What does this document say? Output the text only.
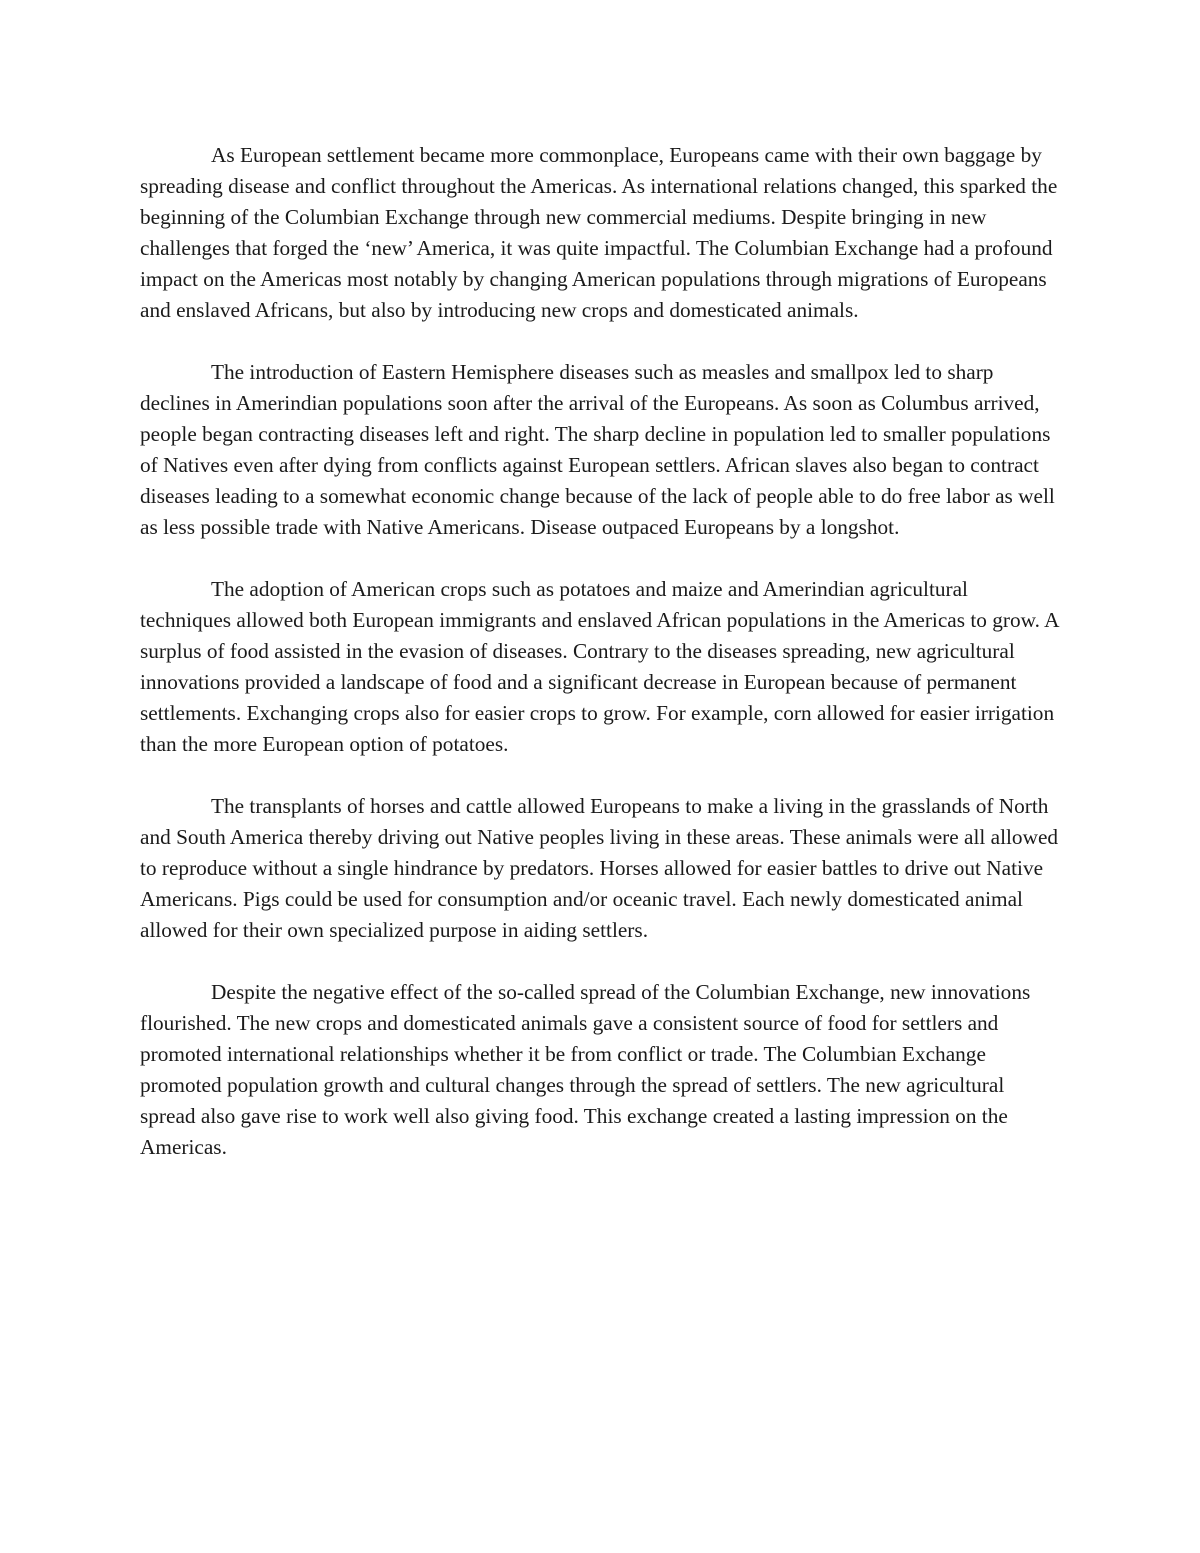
As European settlement became more commonplace, Europeans came with their own baggage by spreading disease and conflict throughout the Americas. As international relations changed, this sparked the beginning of the Columbian Exchange through new commercial mediums. Despite bringing in new challenges that forged the ‘new’ America, it was quite impactful. The Columbian Exchange had a profound impact on the Americas most notably by changing American populations through migrations of Europeans and enslaved Africans, but also by introducing new crops and domesticated animals.

The introduction of Eastern Hemisphere diseases such as measles and smallpox led to sharp declines in Amerindian populations soon after the arrival of the Europeans. As soon as Columbus arrived, people began contracting diseases left and right. The sharp decline in population led to smaller populations of Natives even after dying from conflicts against European settlers. African slaves also began to contract diseases leading to a somewhat economic change because of the lack of people able to do free labor as well as less possible trade with Native Americans. Disease outpaced Europeans by a longshot.

The adoption of American crops such as potatoes and maize and Amerindian agricultural techniques allowed both European immigrants and enslaved African populations in the Americas to grow. A surplus of food assisted in the evasion of diseases. Contrary to the diseases spreading, new agricultural innovations provided a landscape of food and a significant decrease in European because of permanent settlements. Exchanging crops also for easier crops to grow. For example, corn allowed for easier irrigation than the more European option of potatoes.

The transplants of horses and cattle allowed Europeans to make a living in the grasslands of North and South America thereby driving out Native peoples living in these areas. These animals were all allowed to reproduce without a single hindrance by predators. Horses allowed for easier battles to drive out Native Americans. Pigs could be used for consumption and/or oceanic travel. Each newly domesticated animal allowed for their own specialized purpose in aiding settlers.

Despite the negative effect of the so-called spread of the Columbian Exchange, new innovations flourished. The new crops and domesticated animals gave a consistent source of food for settlers and promoted international relationships whether it be from conflict or trade. The Columbian Exchange promoted population growth and cultural changes through the spread of settlers. The new agricultural spread also gave rise to work well also giving food. This exchange created a lasting impression on the Americas.
